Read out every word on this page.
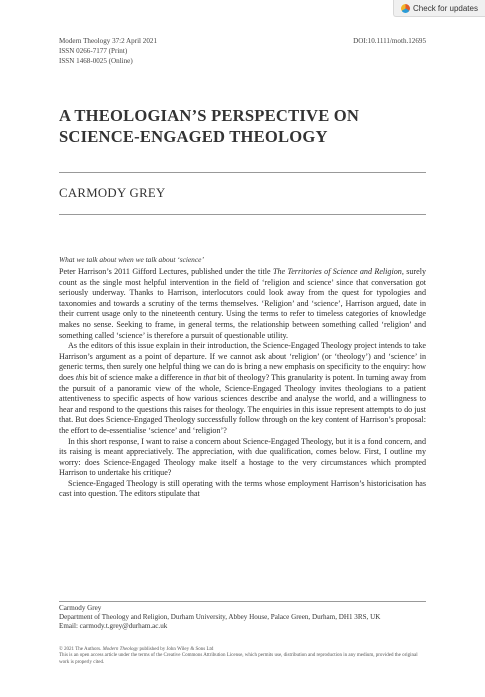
Check for updates
Modern Theology 37:2 April 2021
ISSN 0266-7177 (Print)
ISSN 1468-0025 (Online)
DOI:10.1111/moth.12695
A THEOLOGIAN’S PERSPECTIVE ON
SCIENCE-ENGAGED THEOLOGY
CARMODY GREY
What we talk about when we talk about ‘science’

Peter Harrison’s 2011 Gifford Lectures, published under the title The Territories of Science and Religion, surely count as the single most helpful intervention in the field of ‘religion and science’ since that conversation got seriously underway. Thanks to Harrison, interlocutors could look away from the quest for typologies and taxonomies and towards a scrutiny of the terms themselves. ‘Religion’ and ‘science’, Harrison argued, date in their current usage only to the nineteenth century. Using the terms to refer to timeless categories of knowledge makes no sense. Seeking to frame, in general terms, the relationship between something called ‘religion’ and something called ‘science’ is therefore a pursuit of questionable utility.

As the editors of this issue explain in their introduction, the Science-Engaged Theology project intends to take Harrison’s argument as a point of departure. If we cannot ask about ‘religion’ (or ‘theology’) and ‘science’ in generic terms, then surely one helpful thing we can do is bring a new emphasis on specificity to the enquiry: how does this bit of science make a difference in that bit of theology? This granularity is potent. In turning away from the pursuit of a panoramic view of the whole, Science-Engaged Theology invites theologians to a patient attentiveness to specific aspects of how various sciences describe and analyse the world, and a willingness to hear and respond to the questions this raises for theology. The enquiries in this issue represent attempts to do just that. But does Science-Engaged Theology successfully follow through on the key content of Harrison’s proposal: the effort to de-essentialise ‘science’ and ‘religion’?

In this short response, I want to raise a concern about Science-Engaged Theology, but it is a fond concern, and its raising is meant appreciatively. The appreciation, with due qualification, comes below. First, I outline my worry: does Science-Engaged Theology make itself a hostage to the very circumstances which prompted Harrison to undertake his critique?

Science-Engaged Theology is still operating with the terms whose employment Harrison’s historicisation has cast into question. The editors stipulate that

Carmody Grey
Department of Theology and Religion, Durham University, Abbey House, Palace Green, Durham, DH1 3RS, UK
Email: carmody.t.grey@durham.ac.uk
© 2021 The Authors. Modern Theology published by John Wiley & Sons Ltd
This is an open access article under the terms of the Creative Commons Attribution License, which permits use, distribution and reproduction in any medium, provided the original work is properly cited.
